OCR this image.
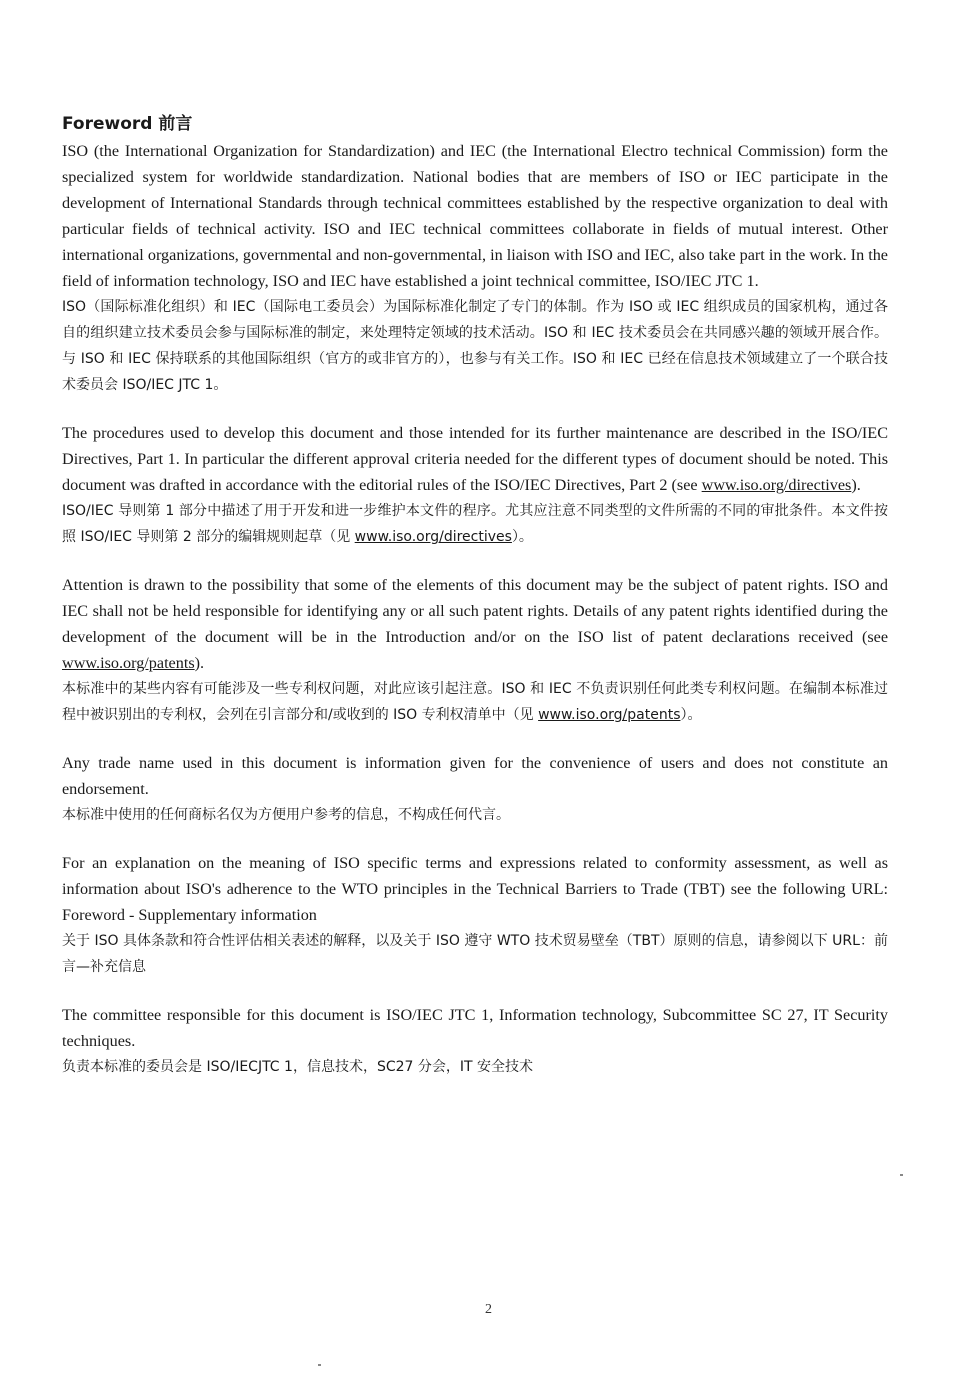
Foreword 前言

ISO (the International Organization for Standardization) and IEC (the International Electro technical Commission) form the specialized system for worldwide standardization. National bodies that are members of ISO or IEC participate in the development of International Standards through technical committees established by the respective organization to deal with particular fields of technical activity. ISO and IEC technical committees collaborate in fields of mutual interest. Other international organizations, governmental and non-governmental, in liaison with ISO and IEC, also take part in the work. In the field of information technology, ISO and IEC have established a joint technical committee, ISO/IEC JTC 1.

ISO（国际标准化组织）和 IEC（国际电工委员会）为国际标准化制定了专门的体制。作为 ISO 或 IEC 组织成员的国家机构，通过各自的组织建立技术委员会参与国际标准的制定，来处理特定领域的技术活动。ISO 和 IEC 技术委员会在共同感兴趣的领域开展合作。与 ISO 和 IEC 保持联系的其他国际组织（官方的或非官方的），也参与有关工作。ISO 和 IEC 已经在信息技术领域建立了一个联合技术委员会 ISO/IEC JTC 1。

The procedures used to develop this document and those intended for its further maintenance are described in the ISO/IEC Directives, Part 1. In particular the different approval criteria needed for the different types of document should be noted. This document was drafted in accordance with the editorial rules of the ISO/IEC Directives, Part 2 (see www.iso.org/directives).

ISO/IEC 导则第 1 部分中描述了用于开发和进一步维护本文件的程序。尤其应注意不同类型的文件所需的不同的审批条件。本文件按照 ISO/IEC 导则第 2 部分的编辑规则起草（见 www.iso.org/directives）。

Attention is drawn to the possibility that some of the elements of this document may be the subject of patent rights. ISO and IEC shall not be held responsible for identifying any or all such patent rights. Details of any patent rights identified during the development of the document will be in the Introduction and/or on the ISO list of patent declarations received (see www.iso.org/patents).

本标准中的某些内容有可能涉及一些专利权问题，对此应该引起注意。ISO 和 IEC 不负责识别任何此类专利权问题。在编制本标准过程中被识别出的专利权，会列在引言部分和/或收到的 ISO 专利权清单中（见 www.iso.org/patents）。

Any trade name used in this document is information given for the convenience of users and does not constitute an endorsement.

本标准中使用的任何商标名仅为方便用户参考的信息，不构成任何代言。

For an explanation on the meaning of ISO specific terms and expressions related to conformity assessment, as well as information about ISO's adherence to the WTO principles in the Technical Barriers to Trade (TBT) see the following URL: Foreword - Supplementary information

关于 ISO 具体条款和符合性评估相关表述的解释，以及关于 ISO 遵守 WTO 技术贸易壁垒（TBT）原则的信息，请参阅以下 URL：前言—补充信息

The committee responsible for this document is ISO/IEC JTC 1, Information technology, Subcommittee SC 27, IT Security techniques.

负责本标准的委员会是 ISO/IECJTC 1，信息技术，SC27 分会，IT 安全技术

2
